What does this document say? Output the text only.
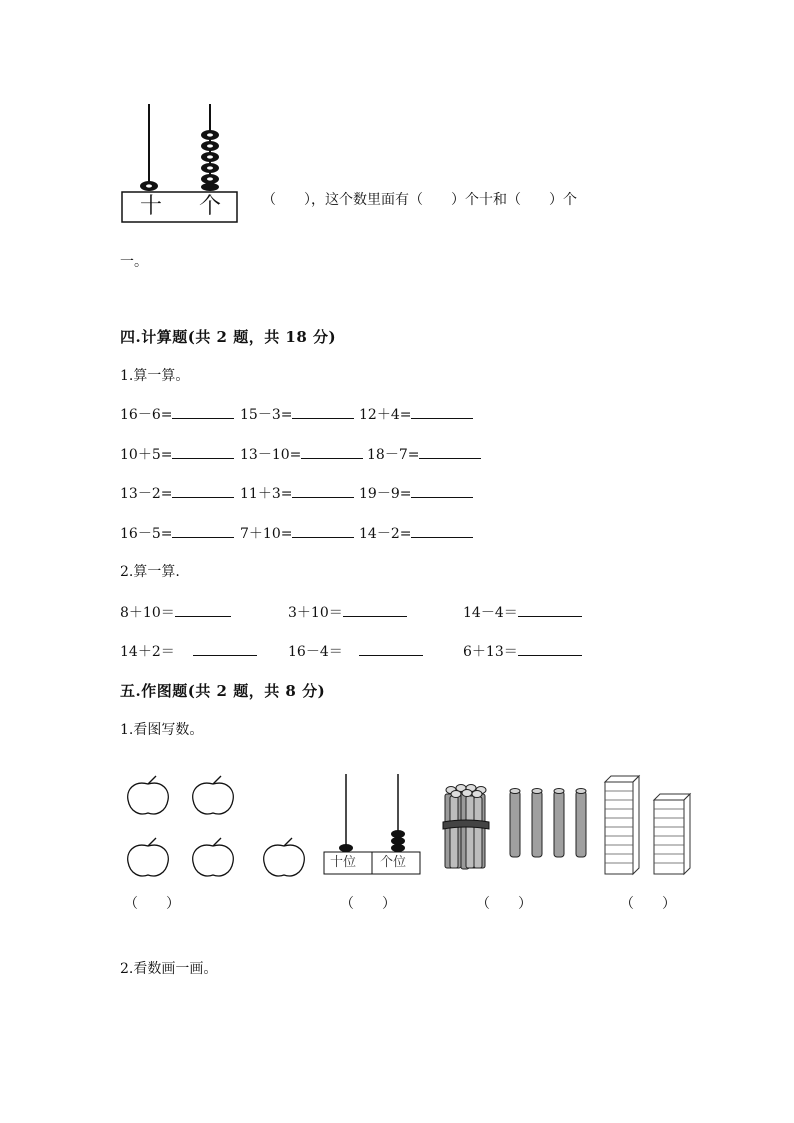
十 个	（　　），这个数里面有（　　）个十和（　　）个
一。
四.计算题(共 2 题，共 18 分)
1.算一算。
16－6=	15－3=	12＋4=
10＋5=	13－10=	18－7=
13－2=	11＋3=	19－9=
16－5=	7＋10=	14－2=
2.算一算.
8＋10＝	3＋10＝	14－4＝
14＋2＝	16－4＝	6＋13＝
五.作图题(共 2 题，共 8 分)
1.看图写数。
十位 个位
（　　）	（　　）	（　　）	（　　）
2.看数画一画。
